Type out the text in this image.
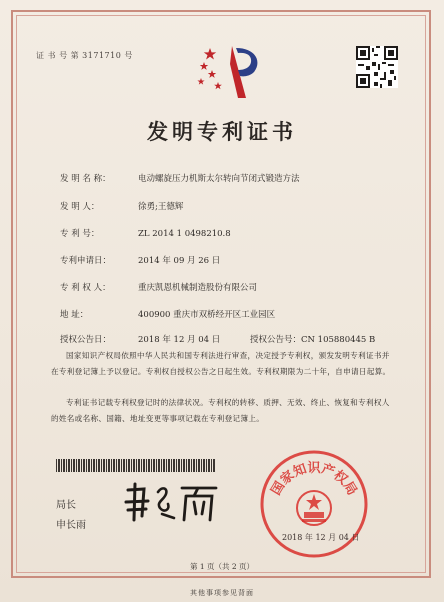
证 书 号 第 3171710 号
发明专利证书
发 明 名 称：	电动螺旋压力机斯太尔转向节闭式锻造方法
发 明 人：	徐勇;王德辉
专 利 号：	ZL 2014 1 0498210.8
专利申请日：	2014 年 09 月 26 日
专 利 权 人：	重庆凯恩机械制造股份有限公司
地 址：	400900 重庆市双桥经开区工业园区
授权公告日：	2018 年 12 月 04 日	授权公告号：CN 105880445 B
国家知识产权局依照中华人民共和国专利法进行审查，决定授予专利权，颁发发明专利证书并在专利登记簿上予以登记。专利权自授权公告之日起生效。专利权期限为二十年，自申请日起算。
专利证书记载专利权登记时的法律状况。专利权的转移、质押、无效、终止、恢复和专利权人的姓名或名称、国籍、地址变更等事项记载在专利登记簿上。
局长
申长雨
国家知识产权局
2018 年 12 月 04 日
第 1 页（共 2 页）
其他事项参见背面
